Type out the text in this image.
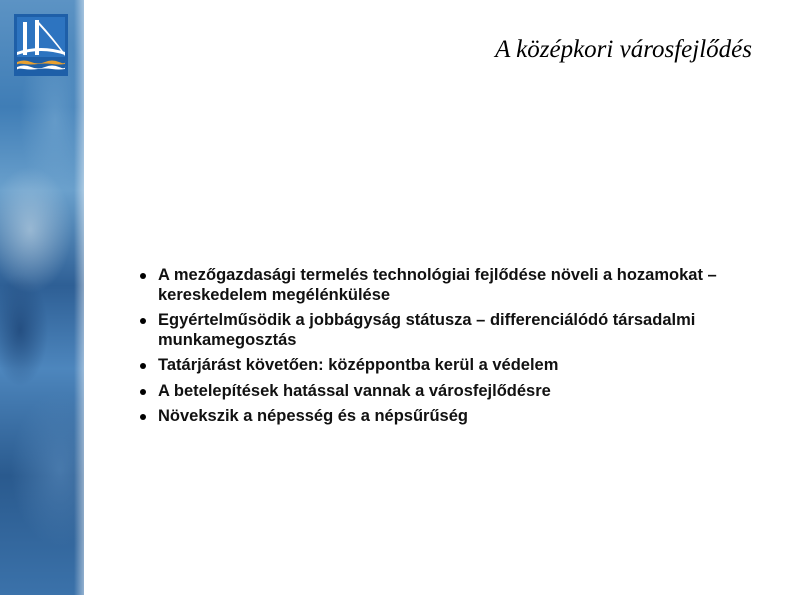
A középkori városfejlődés
A mezőgazdasági termelés technológiai fejlődése növeli a hozamokat – kereskedelem megélénkülése
Egyértelműsödik a jobbágyság státusza – differenciálódó társadalmi munkamegosztás
Tatárjárást követően: középpontba kerül a védelem
A betelepítések hatással vannak a városfejlődésre
Növekszik a népesség és a népsűrűség
